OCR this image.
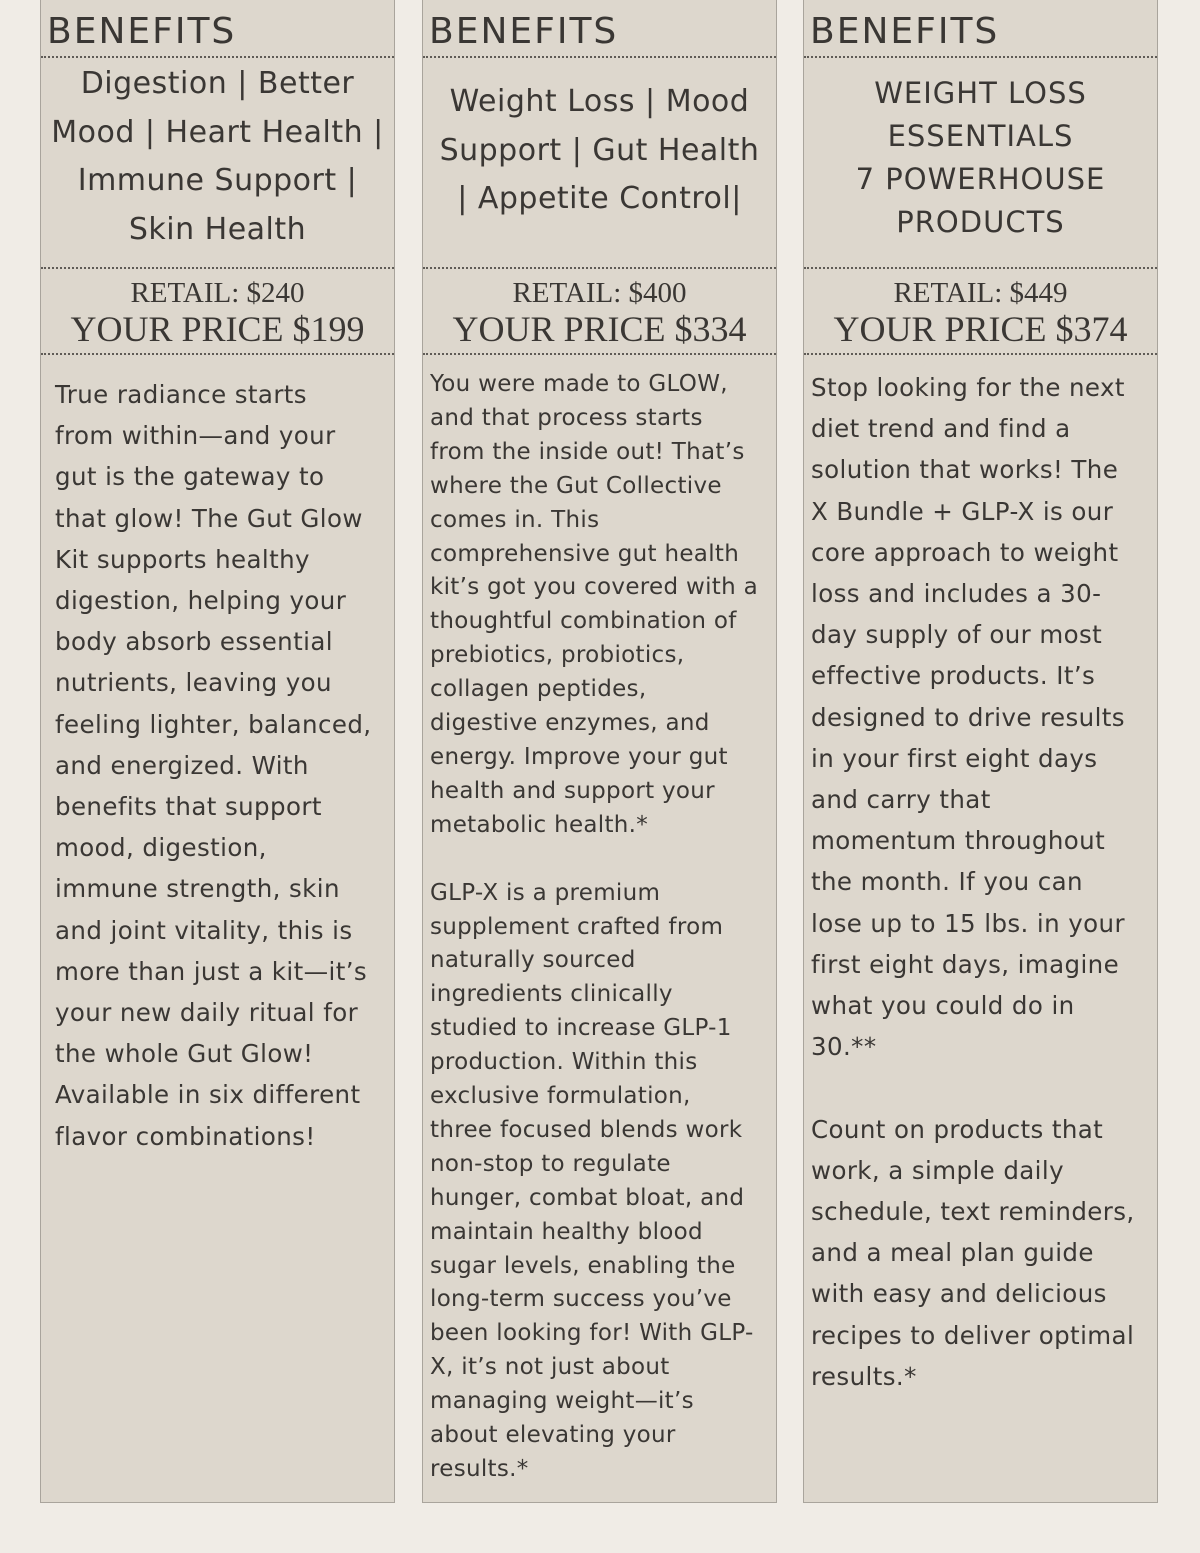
BENEFITS
Digestion | Better
Mood | Heart Health |
Immune Support |
Skin Health
RETAIL: $240
YOUR PRICE $199

True radiance starts
from within—and your
gut is the gateway to
that glow! The Gut Glow
Kit supports healthy
digestion, helping your
body absorb essential
nutrients, leaving you
feeling lighter, balanced,
and energized. With
benefits that support
mood, digestion,
immune strength, skin
and joint vitality, this is
more than just a kit—it’s
your new daily ritual for
the whole Gut Glow!
Available in six different
flavor combinations!

BENEFITS
Weight Loss | Mood
Support | Gut Health
| Appetite Control|
RETAIL: $400
YOUR PRICE $334

You were made to GLOW,
and that process starts
from the inside out! That’s
where the Gut Collective
comes in. This
comprehensive gut health
kit’s got you covered with a
thoughtful combination of
prebiotics, probiotics,
collagen peptides,
digestive enzymes, and
energy. Improve your gut
health and support your
metabolic health.*

GLP-X is a premium
supplement crafted from
naturally sourced
ingredients clinically
studied to increase GLP-1
production. Within this
exclusive formulation,
three focused blends work
non-stop to regulate
hunger, combat bloat, and
maintain healthy blood
sugar levels, enabling the
long-term success you’ve
been looking for! With GLP-
X, it’s not just about
managing weight—it’s
about elevating your
results.*

BENEFITS
WEIGHT LOSS
ESSENTIALS
7 POWERHOUSE
PRODUCTS
RETAIL: $449
YOUR PRICE $374

Stop looking for the next
diet trend and find a
solution that works! The
X Bundle + GLP-X is our
core approach to weight
loss and includes a 30-
day supply of our most
effective products. It’s
designed to drive results
in your first eight days
and carry that
momentum throughout
the month. If you can
lose up to 15 lbs. in your
first eight days, imagine
what you could do in
30.**

Count on products that
work, a simple daily
schedule, text reminders,
and a meal plan guide
with easy and delicious
recipes to deliver optimal
results.*
